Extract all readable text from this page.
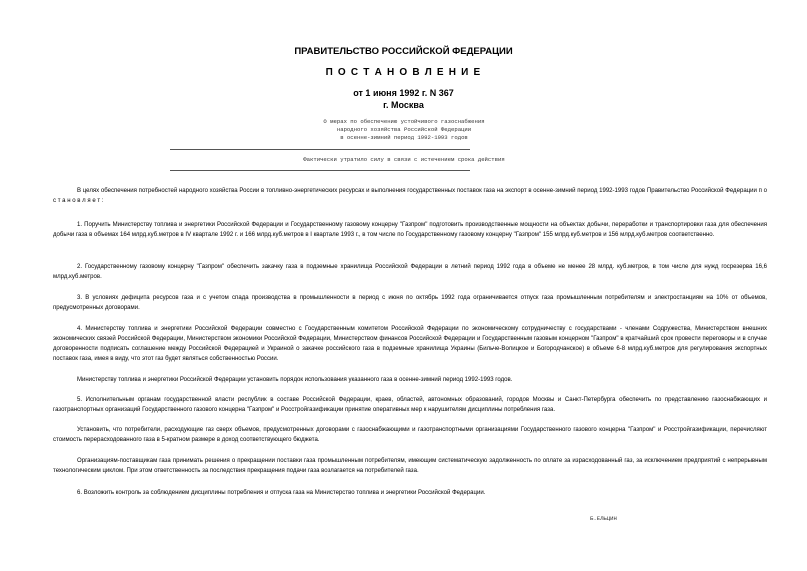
ПРАВИТЕЛЬСТВО РОССИЙСКОЙ ФЕДЕРАЦИИ
П О С Т А Н О В Л Е Н И Е
от 1 июня 1992 г. N 367
г. Москва
О мерах по обеспечению устойчивого газоснабжения
народного хозяйства Российской Федерации
в осенне-зимний период 1992-1993 годов
Фактически утратило силу в связи с истечением срока действия
В целях обеспечения потребностей народного хозяйства России в топливно-энергетических ресурсах и выполнения государственных поставок газа на экспорт в осенне-зимний период 1992-1993 годов Правительство Российской Федерации п о с т а н о в л я е т :
1. Поручить Министерству топлива и энергетики Российской Федерации и Государственному газовому концерну "Газпром" подготовить производственные мощности на объектах добычи, переработки и транспортировки газа для обеспечения добычи газа в объемах 164 млрд.куб.метров в IV квартале 1992 г. и 166 млрд.куб.метров в I квартале 1993 г., в том числе по Государственному газовому концерну "Газпром" 155 млрд.куб.метров и 156 млрд.куб.метров соответственно.
2. Государственному газовому концерну "Газпром" обеспечить закачку газа в подземные хранилища Российской Федерации в летний период 1992 года в объеме не менее 28 млрд. куб.метров, в том числе для нужд госрезерва 16,6 млрд.куб.метров.
3. В условиях дефицита ресурсов газа и с учетом спада производства в промышленности в период с июня по октябрь 1992 года ограничивается отпуск газа промышленным потребителям и электростанциям на 10% от объемов, предусмотренных договорами.
4. Министерству топлива и энергетики Российской Федерации совместно с Государственным комитетом Российской Федерации по экономическому сотрудничеству с государствами - членами Содружества, Министерством внешних экономических связей Российской Федерации, Министерством экономики Российской Федерации, Министерством финансов Российской Федерации и Государственным газовым концерном "Газпром" в кратчайший срок провести переговоры и в случае договоренности подписать соглашение между Российской Федерацией и Украиной о закачке российского газа в подземные хранилища Украины (Бильче-Волицкое и Богородчанское) в объеме 6-8 млрд.куб.метров для регулирования экспортных поставок газа, имея в виду, что этот газ будет являться собственностью России.
Министерству топлива и энергетики Российской Федерации установить порядок использования указанного газа в осенне-зимний период 1992-1993 годов.
5. Исполнительным органам государственной власти республик в составе Российской Федерации, краев, областей, автономных образований, городов Москвы и Санкт-Петербурга обеспечить по представлению газоснабжающих и газотранспортных организаций Государственного газового концерна "Газпром" и Росстройгазификации принятие оперативных мер к нарушителям дисциплины потребления газа.
Установить, что потребители, расходующие газ сверх объемов, предусмотренных договорами с газоснабжающими и газотранспортными организациями Государственного газового концерна "Газпром" и Росстройгазификации, перечисляют стоимость перерасходованного газа в 5-кратном размере в доход соответствующего бюджета.
Организациям-поставщикам газа принимать решения о прекращении поставки газа промышленным потребителям, имеющим систематическую задолженность по оплате за израсходованный газ, за исключением предприятий с непрерывным технологическим циклом. При этом ответственность за последствия прекращения подачи газа возлагается на потребителей газа.
6. Возложить контроль за соблюдением дисциплины потребления и отпуска газа на Министерство топлива и энергетики Российской Федерации.
Б.ЕЛЬЦИН
